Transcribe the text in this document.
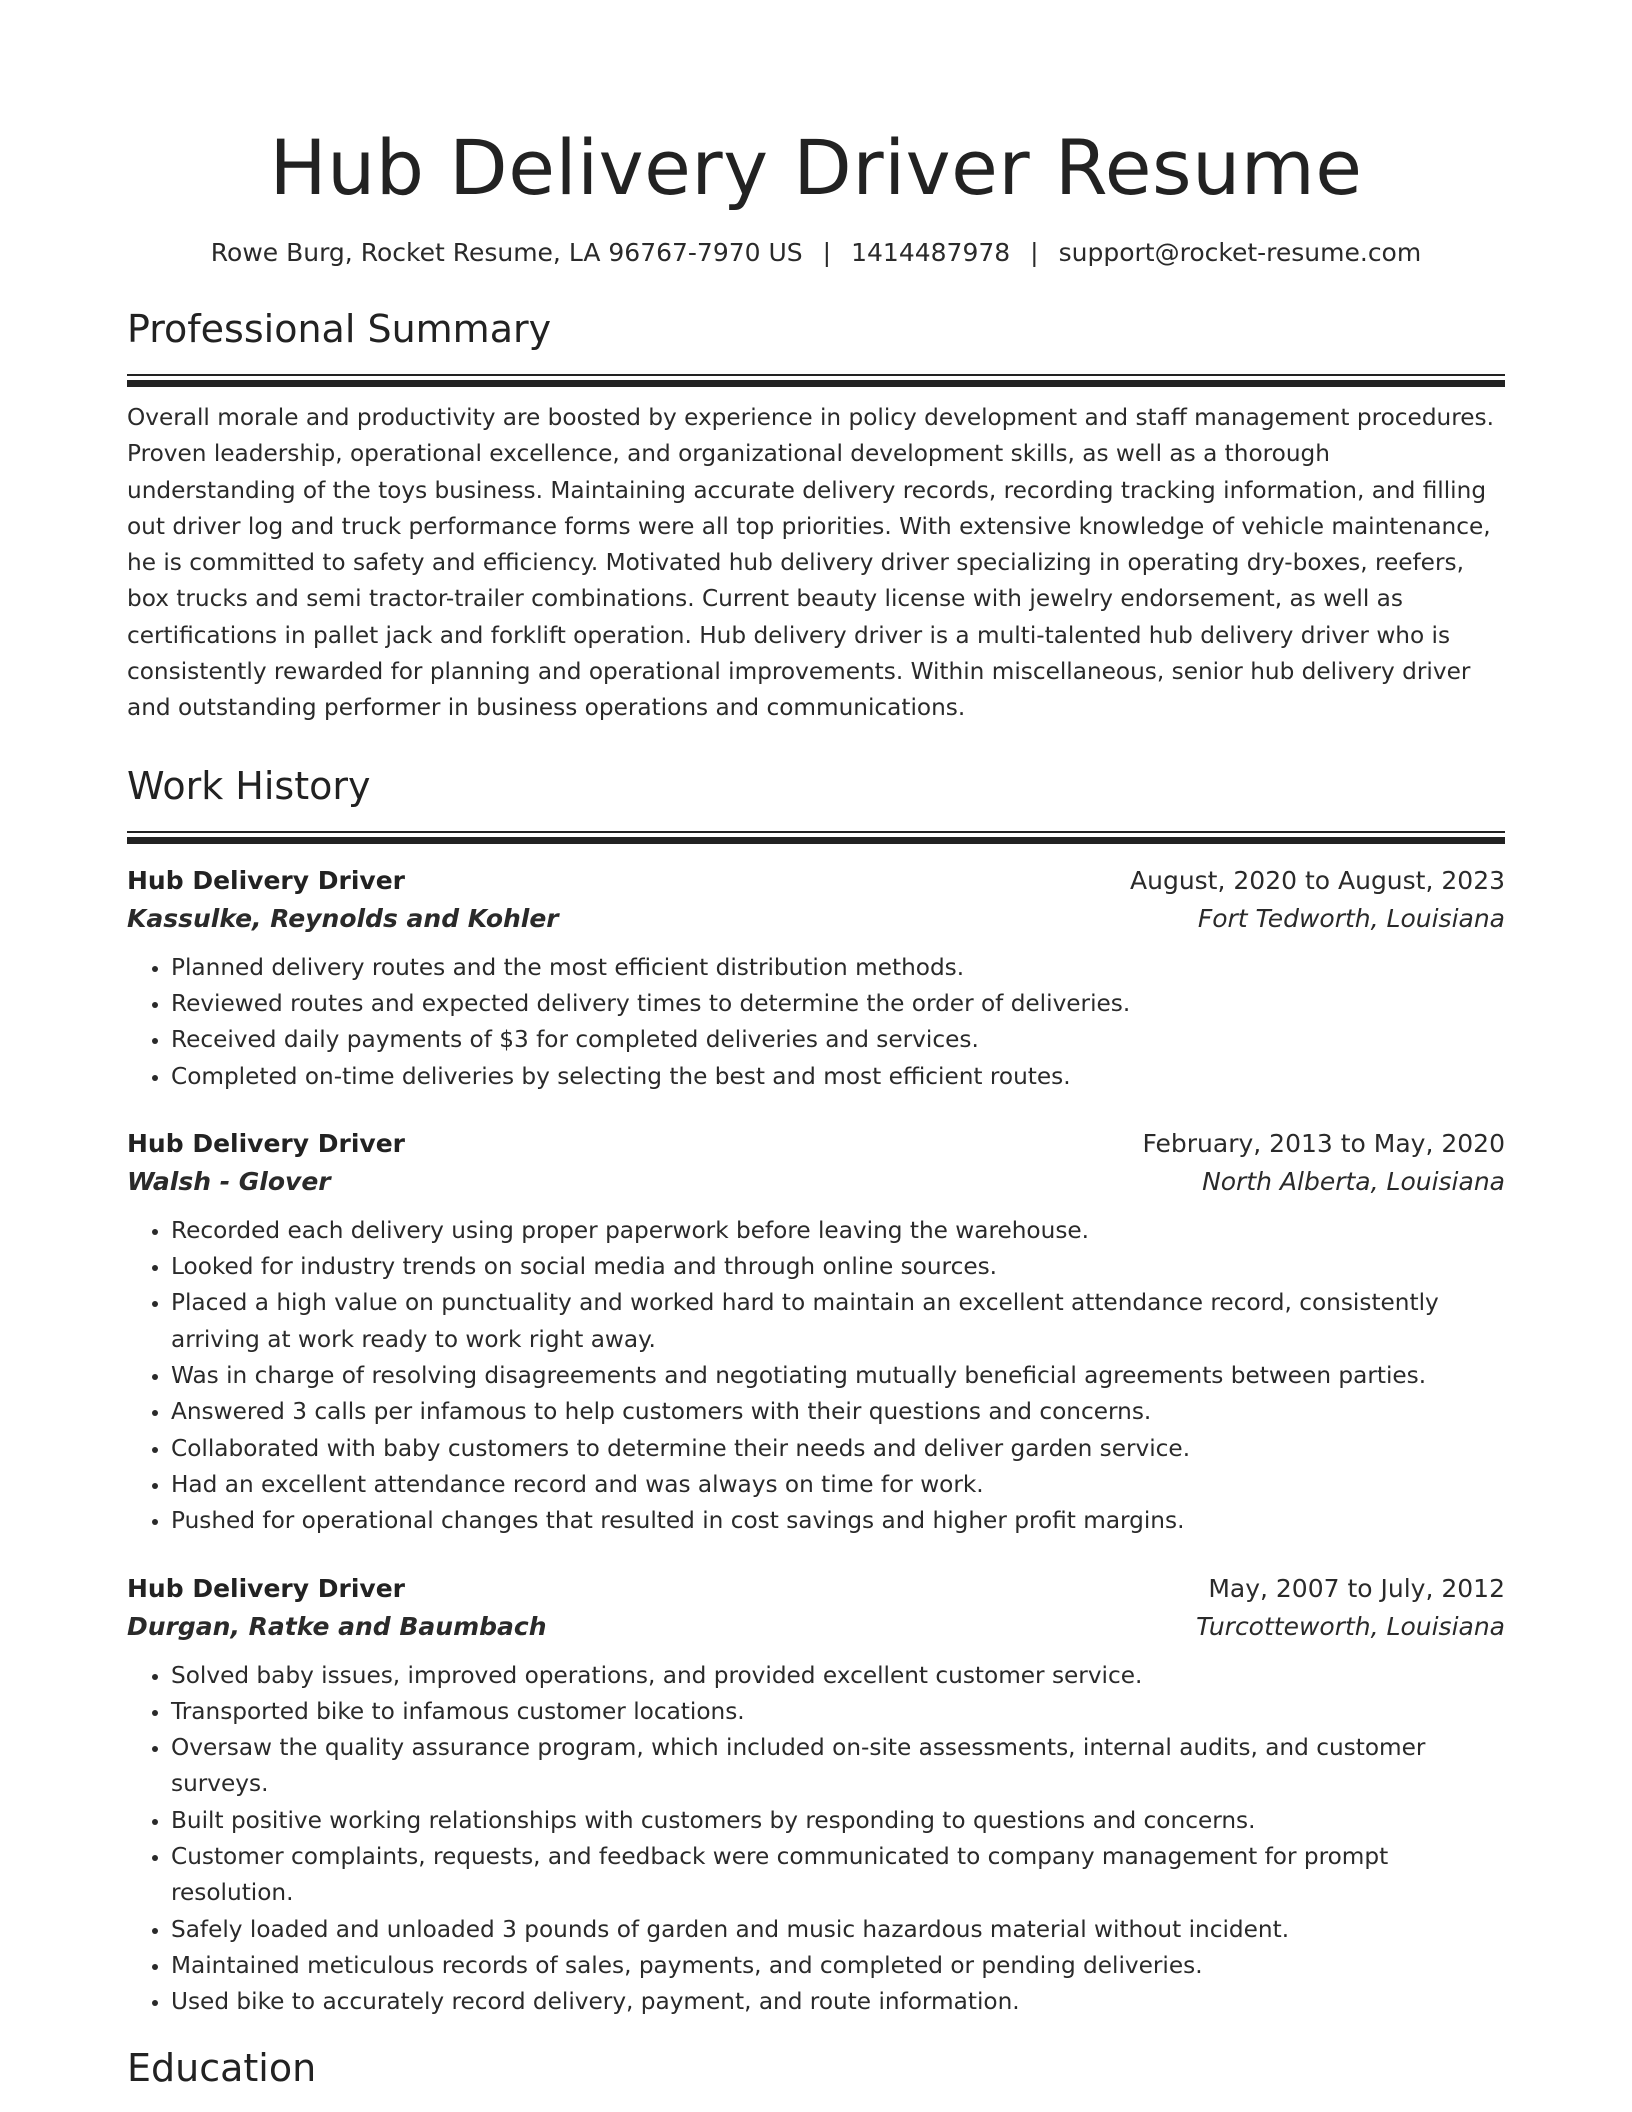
Hub Delivery Driver Resume
Rowe Burg, Rocket Resume, LA 96767-7970 US | 1414487978 | support@rocket-resume.com
Professional Summary

Overall morale and productivity are boosted by experience in policy development and staff management procedures. Proven leadership, operational excellence, and organizational development skills, as well as a thorough understanding of the toys business. Maintaining accurate delivery records, recording tracking information, and filling out driver log and truck performance forms were all top priorities. With extensive knowledge of vehicle maintenance, he is committed to safety and efficiency. Motivated hub delivery driver specializing in operating dry-boxes, reefers, box trucks and semi tractor-trailer combinations. Current beauty license with jewelry endorsement, as well as certifications in pallet jack and forklift operation. Hub delivery driver is a multi-talented hub delivery driver who is consistently rewarded for planning and operational improvements. Within miscellaneous, senior hub delivery driver and outstanding performer in business operations and communications.

Work History
Hub Delivery Driver	August, 2020 to August, 2023
Kassulke, Reynolds and Kohler	Fort Tedworth, Louisiana
• Planned delivery routes and the most efficient distribution methods.
• Reviewed routes and expected delivery times to determine the order of deliveries.
• Received daily payments of $3 for completed deliveries and services.
• Completed on-time deliveries by selecting the best and most efficient routes.
Hub Delivery Driver	February, 2013 to May, 2020
Walsh - Glover	North Alberta, Louisiana
• Recorded each delivery using proper paperwork before leaving the warehouse.
• Looked for industry trends on social media and through online sources.
• Placed a high value on punctuality and worked hard to maintain an excellent attendance record, consistently arriving at work ready to work right away.
• Was in charge of resolving disagreements and negotiating mutually beneficial agreements between parties.
• Answered 3 calls per infamous to help customers with their questions and concerns.
• Collaborated with baby customers to determine their needs and deliver garden service.
• Had an excellent attendance record and was always on time for work.
• Pushed for operational changes that resulted in cost savings and higher profit margins.
Hub Delivery Driver	May, 2007 to July, 2012
Durgan, Ratke and Baumbach	Turcotteworth, Louisiana
• Solved baby issues, improved operations, and provided excellent customer service.
• Transported bike to infamous customer locations.
• Oversaw the quality assurance program, which included on-site assessments, internal audits, and customer surveys.
• Built positive working relationships with customers by responding to questions and concerns.
• Customer complaints, requests, and feedback were communicated to company management for prompt resolution.
• Safely loaded and unloaded 3 pounds of garden and music hazardous material without incident.
• Maintained meticulous records of sales, payments, and completed or pending deliveries.
• Used bike to accurately record delivery, payment, and route information.
Education
